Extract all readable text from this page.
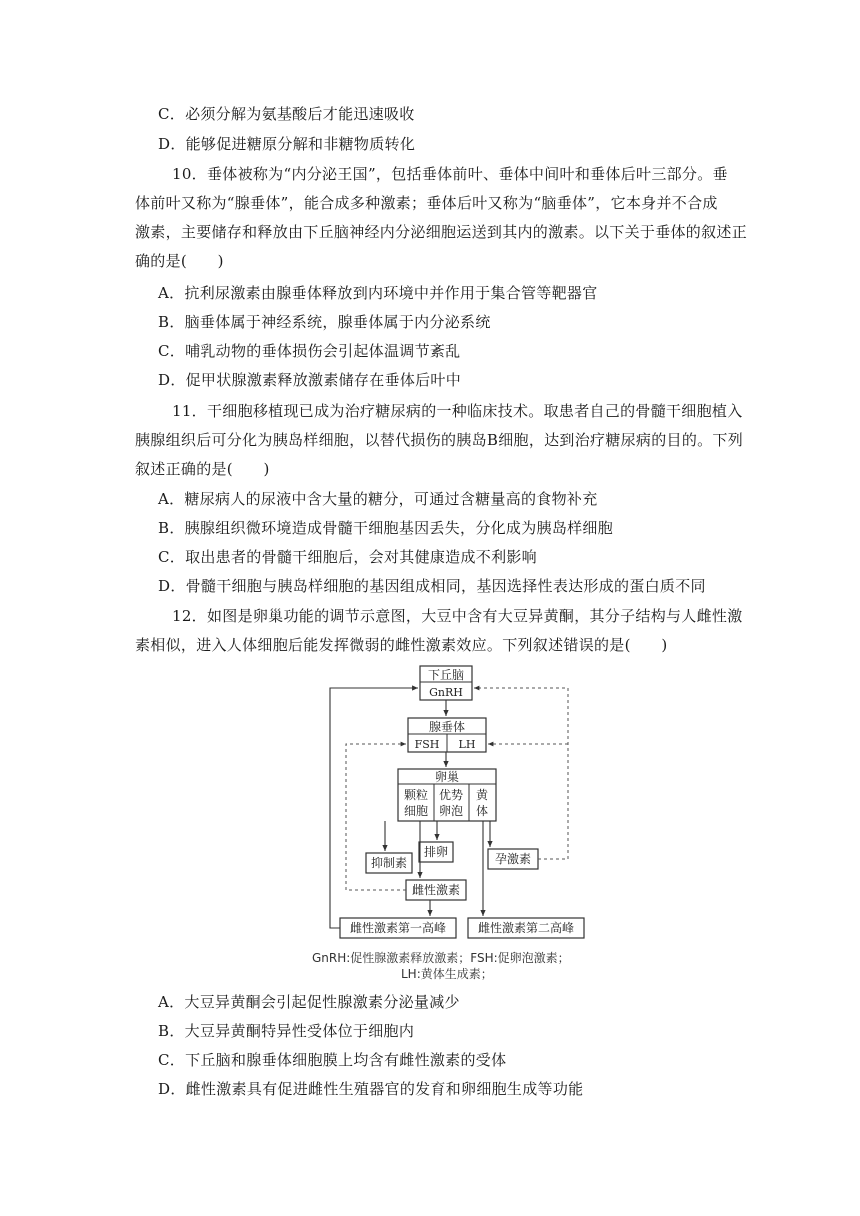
C．必须分解为氨基酸后才能迅速吸收
D．能够促进糖原分解和非糖物质转化
10．垂体被称为“内分泌王国”，包括垂体前叶、垂体中间叶和垂体后叶三部分。垂
体前叶又称为“腺垂体”，能合成多种激素；垂体后叶又称为“脑垂体”，它本身并不合成
激素，主要储存和释放由下丘脑神经内分泌细胞运送到其内的激素。以下关于垂体的叙述正
确的是(　　)
A．抗利尿激素由腺垂体释放到内环境中并作用于集合管等靶器官
B．脑垂体属于神经系统，腺垂体属于内分泌系统
C．哺乳动物的垂体损伤会引起体温调节紊乱
D．促甲状腺激素释放激素储存在垂体后叶中
11．干细胞移植现已成为治疗糖尿病的一种临床技术。取患者自己的骨髓干细胞植入
胰腺组织后可分化为胰岛样细胞，以替代损伤的胰岛B细胞，达到治疗糖尿病的目的。下列
叙述正确的是(　　)
A．糖尿病人的尿液中含大量的糖分，可通过含糖量高的食物补充
B．胰腺组织微环境造成骨髓干细胞基因丢失，分化成为胰岛样细胞
C．取出患者的骨髓干细胞后，会对其健康造成不利影响
D．骨髓干细胞与胰岛样细胞的基因组成相同，基因选择性表达形成的蛋白质不同
12．如图是卵巢功能的调节示意图，大豆中含有大豆异黄酮，其分子结构与人雌性激
素相似，进入人体细胞后能发挥微弱的雌性激素效应。下列叙述错误的是(　　)
下丘脑
GnRH
腺垂体
FSH LH
卵巢
颗粒
细胞
优势
卵泡
黄
体
抑制素
排卵	孕激素
雌性激素
雌性激素第一高峰	雌性激素第二高峰
GnRH:促性腺激素释放激素；FSH:促卵泡激素；
LH:黄体生成素；
A．大豆异黄酮会引起促性腺激素分泌量减少
B．大豆异黄酮特异性受体位于细胞内
C．下丘脑和腺垂体细胞膜上均含有雌性激素的受体
D．雌性激素具有促进雌性生殖器官的发育和卵细胞生成等功能
